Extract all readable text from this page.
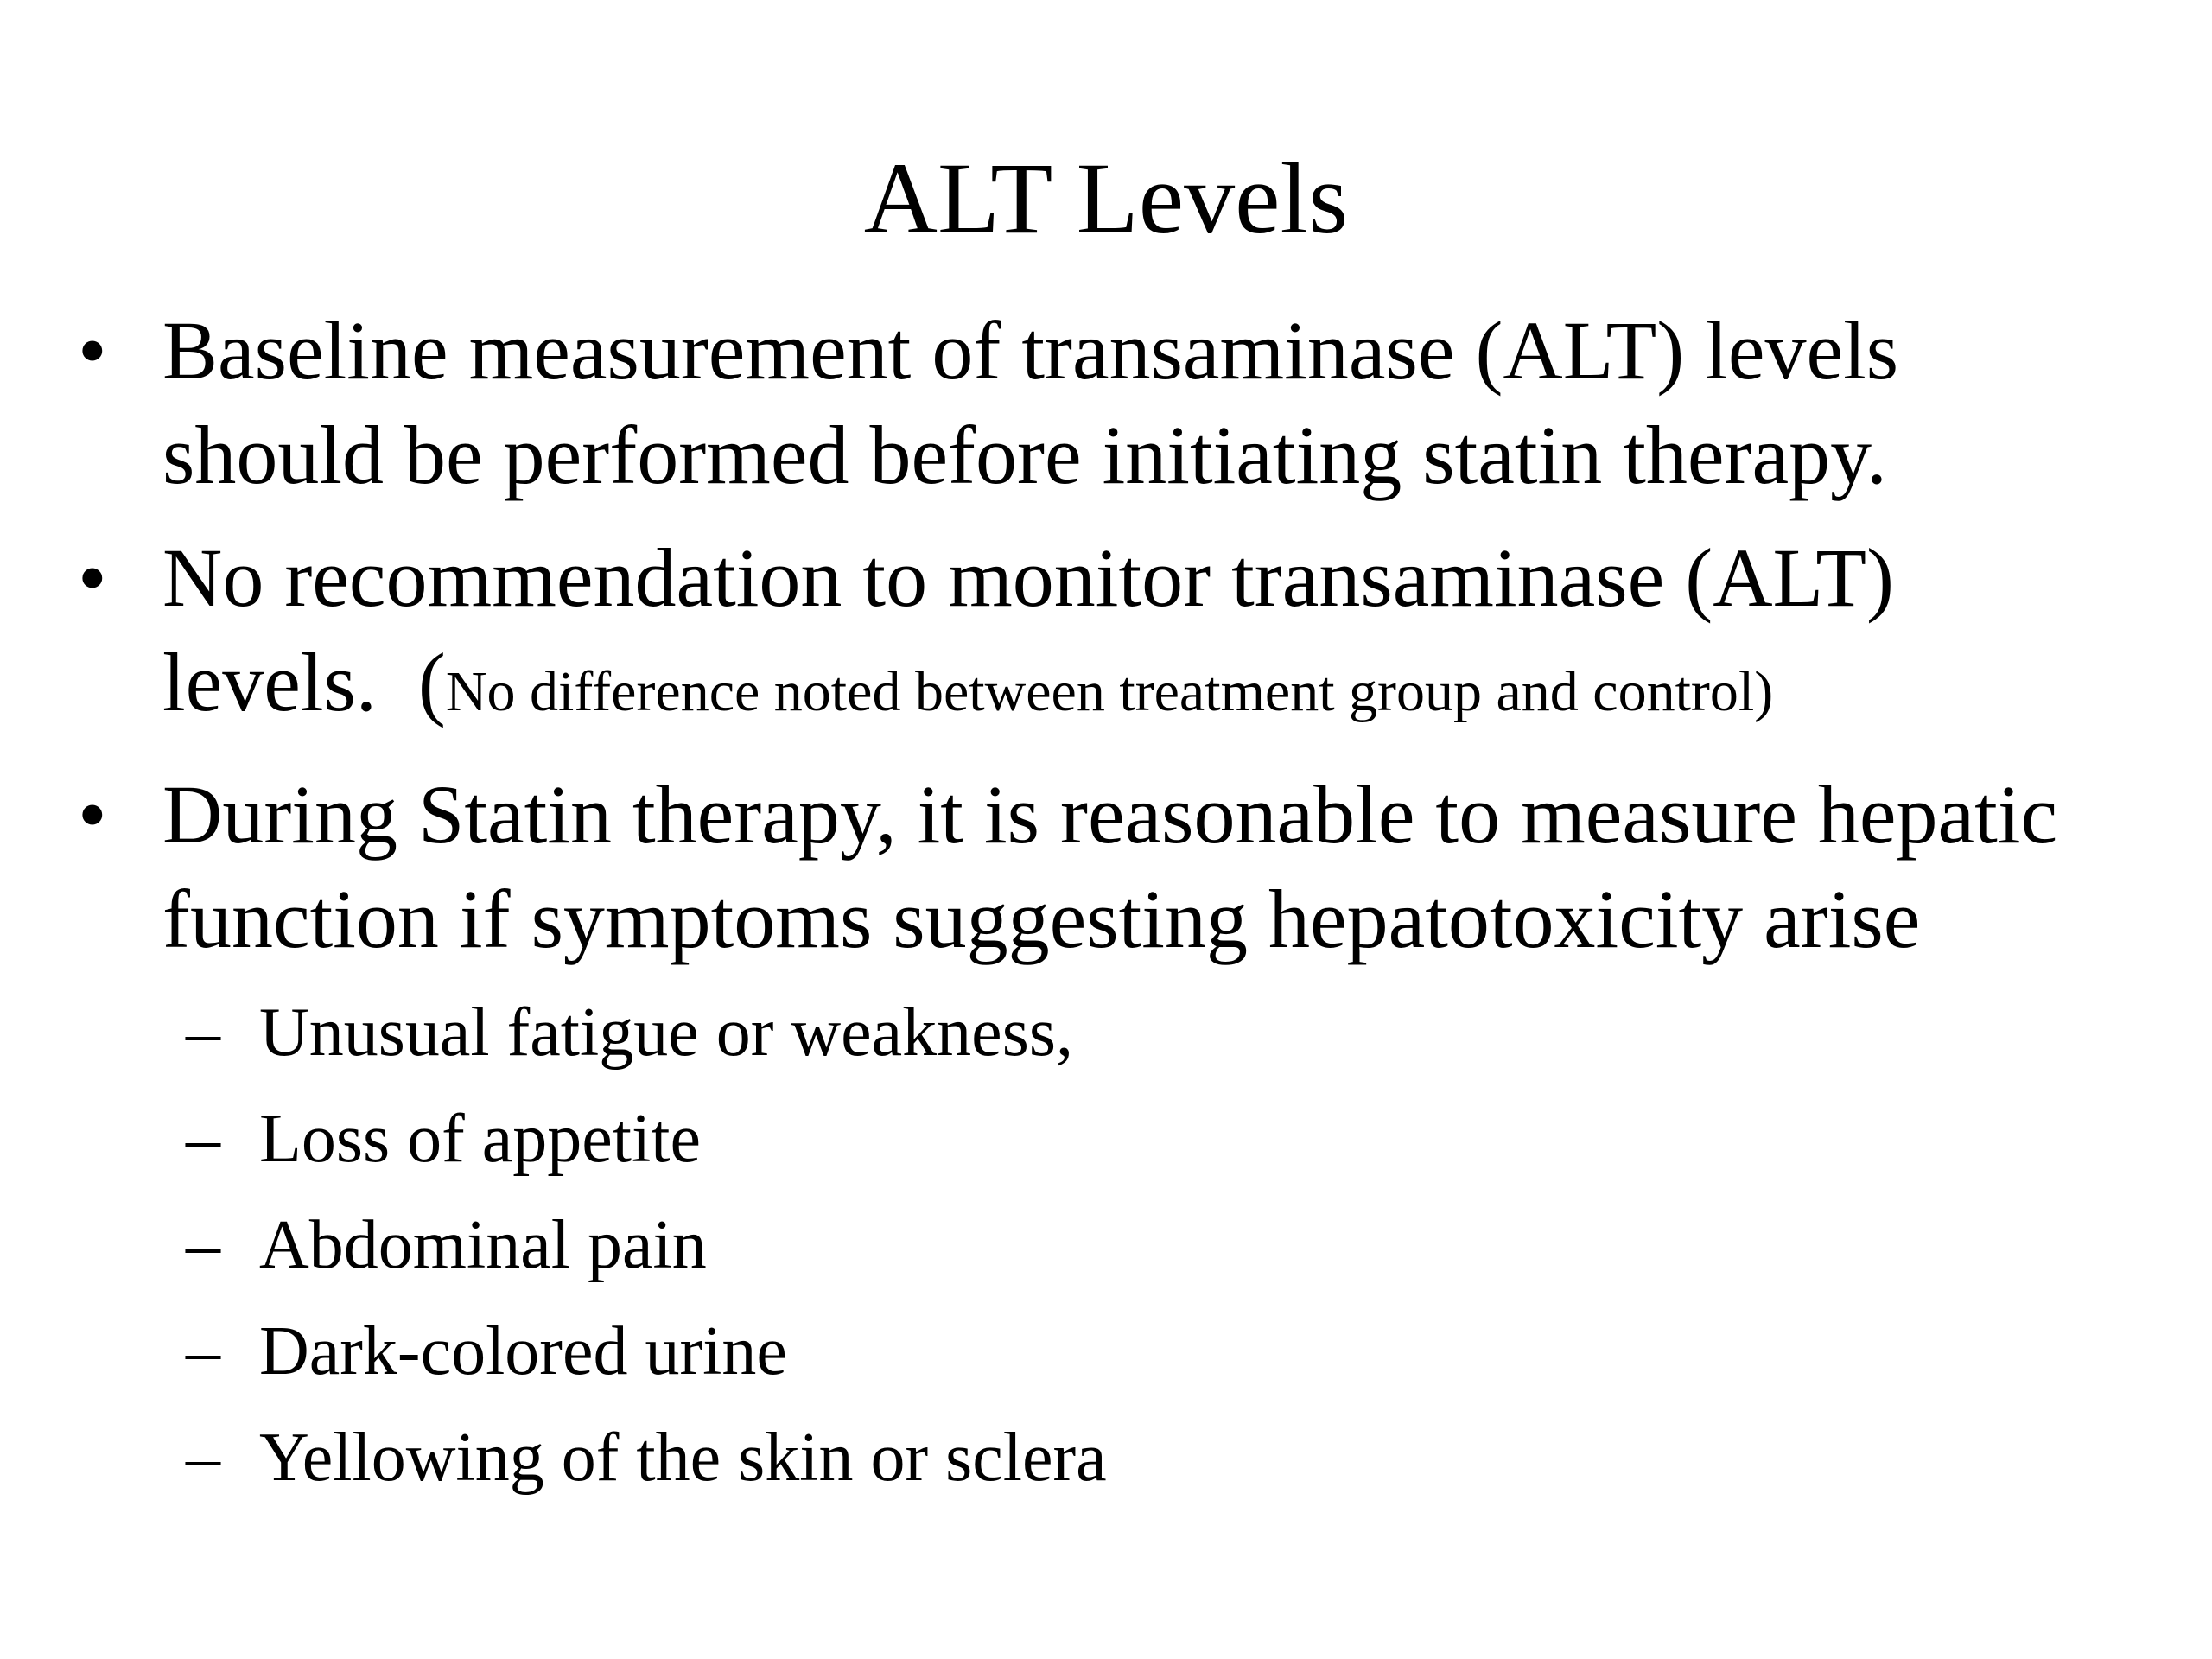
ALT Levels
• Baseline measurement of transaminase (ALT) levels
should be performed before initiating statin therapy.
• No recommendation to monitor transaminase (ALT)
levels.  (No difference noted between treatment group and control)
• During Statin therapy, it is reasonable to measure hepatic
function if symptoms suggesting hepatotoxicity arise
– Unusual fatigue or weakness,
– Loss of appetite
– Abdominal pain
– Dark-colored urine
– Yellowing of the skin or sclera
